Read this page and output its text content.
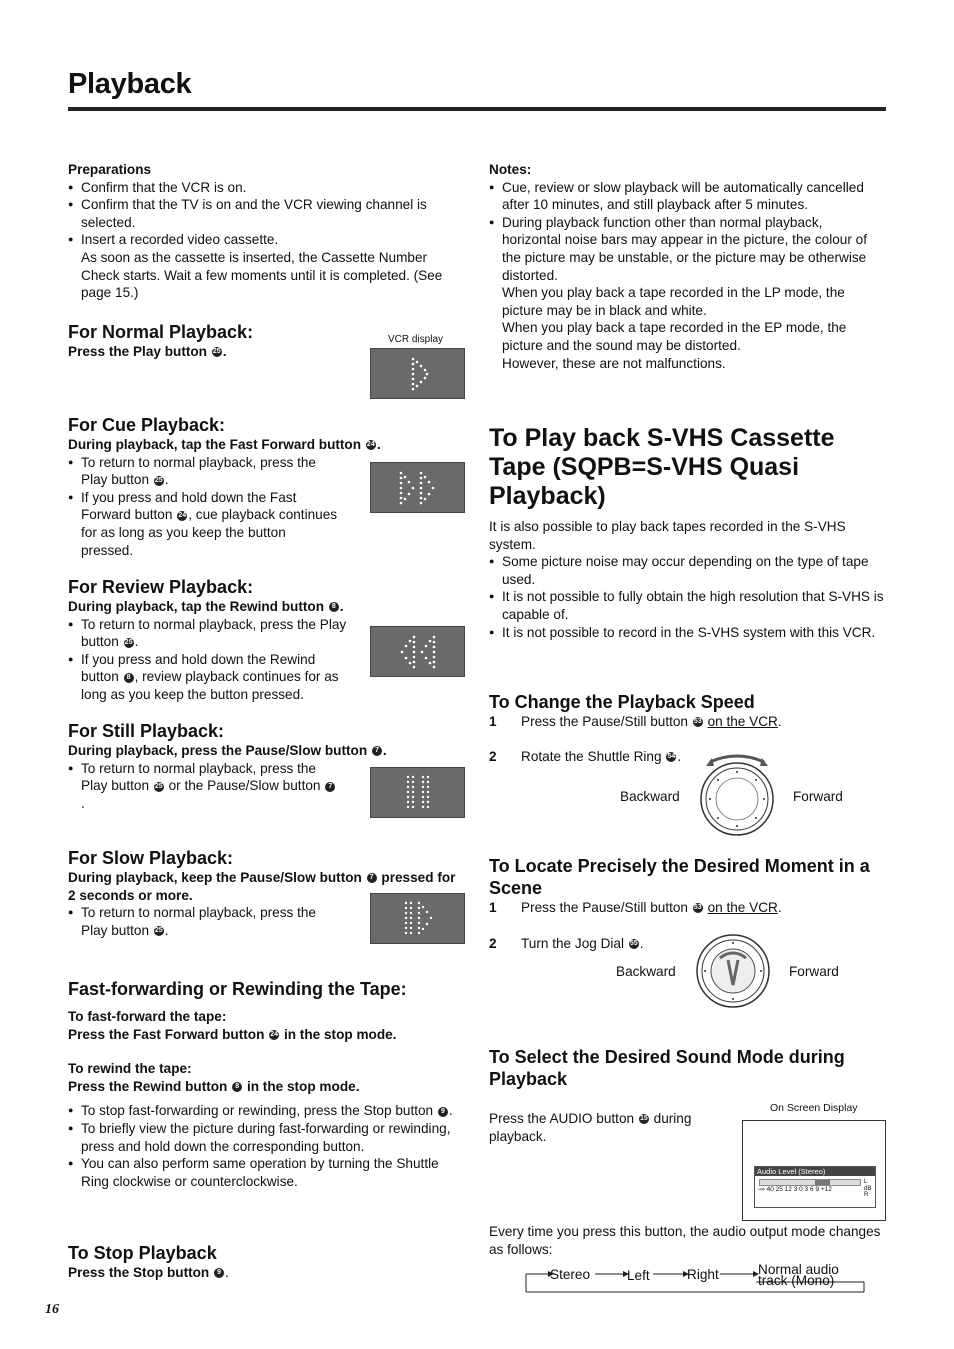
Playback
Preparations
● Confirm that the VCR is on.
● Confirm that the TV is on and the VCR viewing channel is selected.
● Insert a recorded video cassette.
As soon as the cassette is inserted, the Cassette Number Check starts. Wait a few moments until it is completed. (See page 15.)
For Normal Playback:
Press the Play button 25 .
VCR display
For Cue Playback:
During playback, tap the Fast Forward button 24 .
● To return to normal playback, press the Play button 25 .
● If you press and hold down the Fast Forward button 24 , cue playback continues for as long as you keep the button pressed.
For Review Playback:
During playback, tap the Rewind button 8 .
● To return to normal playback, press the Play button 25 .
● If you press and hold down the Rewind button 8 , review playback continues for as long as you keep the button pressed.
For Still Playback:
During playback, press the Pause/Slow button 7 .
● To return to normal playback, press the Play button 25 or the Pause/Slow button 7.
For Slow Playback:
During playback, keep the Pause/Slow button 7 pressed for 2 seconds or more.
● To return to normal playback, press the Play button 25 .
Fast-forwarding or Rewinding the Tape:
To fast-forward the tape:
Press the Fast Forward button 24 in the stop mode.
To rewind the tape:
Press the Rewind button 8 in the stop mode.
● To stop fast-forwarding or rewinding, press the Stop button 9 .
● To briefly view the picture during fast-forwarding or rewinding, press and hold down the corresponding button.
● You can also perform same operation by turning the Shuttle Ring clockwise or counterclockwise.
To Stop Playback
Press the Stop button 9 .
16
Notes:
● Cue, review or slow playback will be automatically cancelled after 10 minutes, and still playback after 5 minutes.
● During playback function other than normal playback, horizontal noise bars may appear in the picture, the colour of the picture may be unstable, or the picture may be otherwise distorted.
When you play back a tape recorded in the LP mode, the picture may be in black and white.
When you play back a tape recorded in the EP mode, the picture and the sound may be distorted.
However, these are not malfunctions.
To Play back S-VHS Cassette Tape (SQPB=S-VHS Quasi Playback)
It is also possible to play back tapes recorded in the S-VHS system.
● Some picture noise may occur depending on the type of tape used.
● It is not possible to fully obtain the high resolution that S-VHS is capable of.
● It is not possible to record in the S-VHS system with this VCR.
To Change the Playback Speed
1 Press the Pause/Still button 53 on the VCR.
2 Rotate the Shuttle Ring 54 .
Backward	Forward
To Locate Precisely the Desired Moment in a Scene
1 Press the Pause/Still button 53 on the VCR.
2 Turn the Jog Dial 55 .
Backward	Forward
To Select the Desired Sound Mode during Playback
Press the AUDIO button 15 during playback.
On Screen Display
Audio Level (Stereo)
-∞ 40 25 12 3 0 3 6 9 +12
L dB R
Every time you press this button, the audio output mode changes as follows:
Stereo	Left	Right	Normal audio track (Mono)
